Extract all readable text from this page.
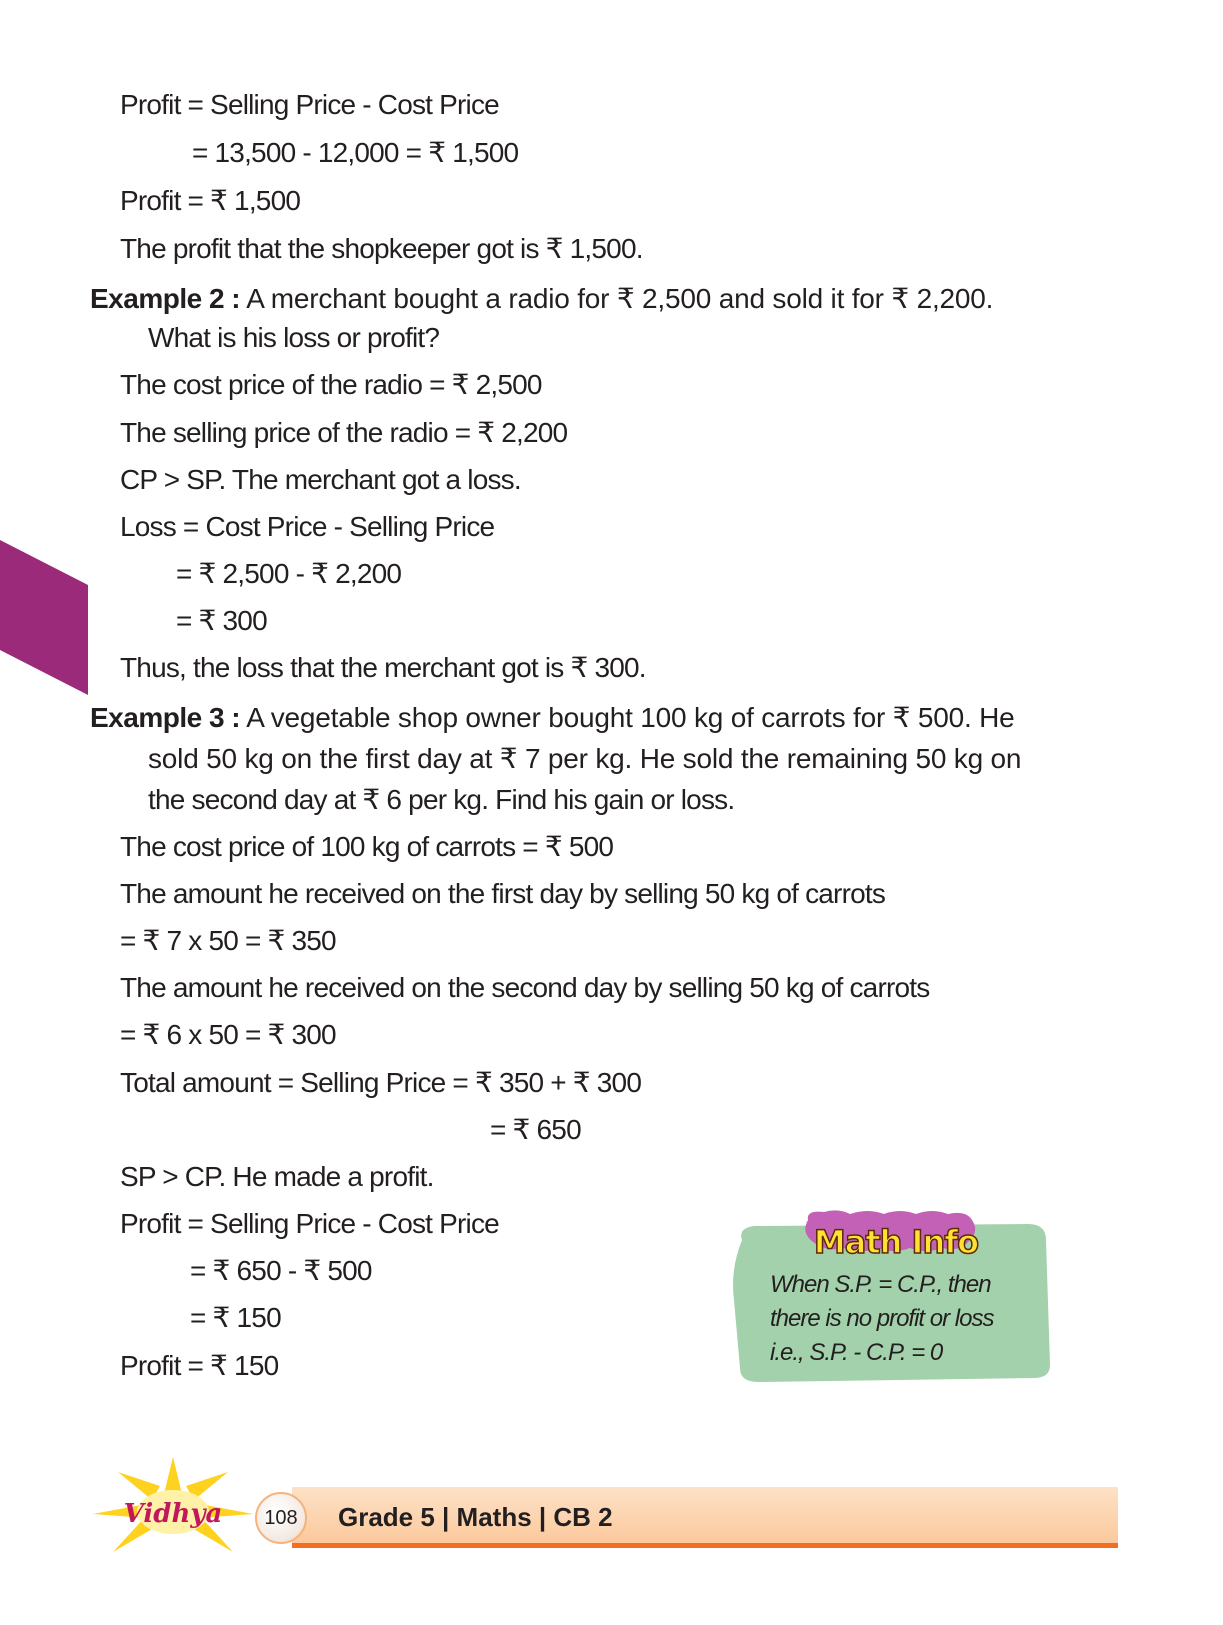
Profit = Selling Price - Cost Price
= 13,500 - 12,000 = ₹ 1,500
Profit = ₹ 1,500
The profit that the shopkeeper got is ₹ 1,500.
Example 2 : A merchant bought a radio for ₹ 2,500 and sold it for ₹ 2,200.
What is his loss or profit?
The cost price of the radio = ₹ 2,500
The selling price of the radio = ₹ 2,200
CP > SP. The merchant got a loss.
Loss = Cost Price - Selling Price
= ₹ 2,500 - ₹ 2,200
= ₹ 300
Thus, the loss that the merchant got is ₹ 300.
Example 3 : A vegetable shop owner bought 100 kg of carrots for ₹ 500. He
sold 50 kg on the first day at ₹ 7 per kg. He sold the remaining 50 kg on
the second day at ₹ 6 per kg. Find his gain or loss.
The cost price of 100 kg of carrots = ₹ 500
The amount he received on the first day by selling 50 kg of carrots
= ₹ 7 x 50 = ₹ 350
The amount he received on the second day by selling 50 kg of carrots
= ₹ 6 x 50 = ₹ 300
Total amount = Selling Price = ₹ 350 + ₹ 300
= ₹ 650
SP > CP. He made a profit.
Profit = Selling Price - Cost Price
= ₹ 650 - ₹ 500
= ₹ 150
Profit = ₹ 150
Math Info
When S.P. = C.P., then
there is no profit or loss
i.e., S.P. - C.P. = 0
Grade 5 | Maths | CB 2
108
Vidhya
